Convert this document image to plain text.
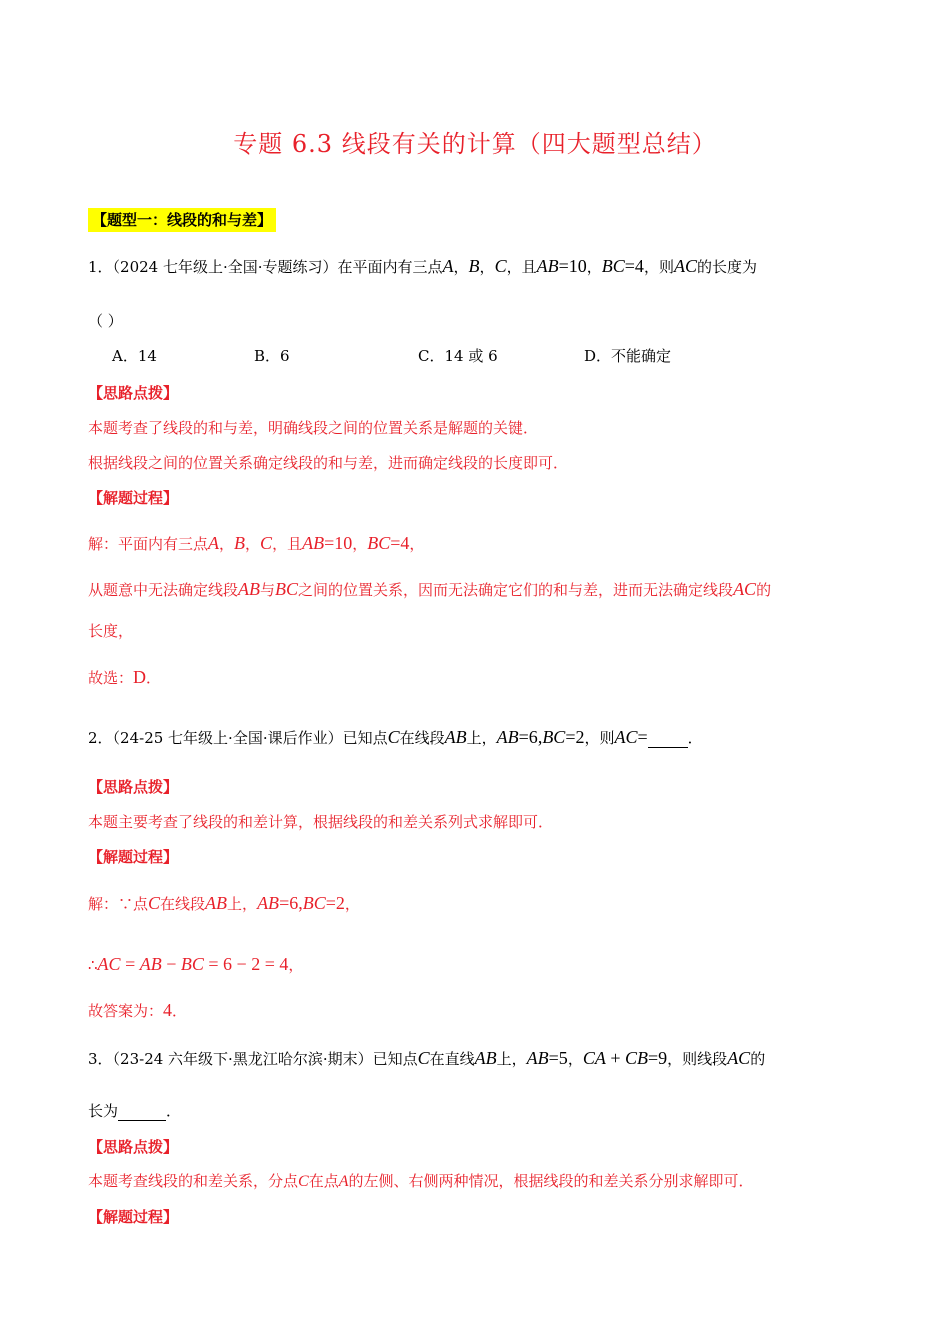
专题 6.3 线段有关的计算（四大题型总结）
【题型一：线段的和与差】
1．（2024 七年级上·全国·专题练习）在平面内有三点A，B，C，且AB=10，BC=4，则AC的长度为
（ ）
A．14	B．6	C．14 或 6	D．不能确定
【思路点拨】
本题考查了线段的和与差，明确线段之间的位置关系是解题的关键．
根据线段之间的位置关系确定线段的和与差，进而确定线段的长度即可．
【解题过程】
解：平面内有三点A，B，C，且AB=10，BC=4，
从题意中无法确定线段AB与BC之间的位置关系，因而无法确定它们的和与差，进而无法确定线段AC的
长度，
故选：D．
2．（24-25 七年级上·全国·课后作业）已知点C在线段AB上，AB=6,BC=2，则AC=	．
【思路点拨】
本题主要考查了线段的和差计算，根据线段的和差关系列式求解即可．
【解题过程】
解：∵点C在线段AB上，AB=6,BC=2，
∴AC = AB − BC = 6 − 2 = 4，
故答案为：4．
3．（23-24 六年级下·黑龙江哈尔滨·期末）已知点C在直线AB上，AB=5，CA + CB=9，则线段AC的
长为	．
【思路点拨】
本题考查线段的和差关系，分点C在点A的左侧、右侧两种情况，根据线段的和差关系分别求解即可．
【解题过程】
